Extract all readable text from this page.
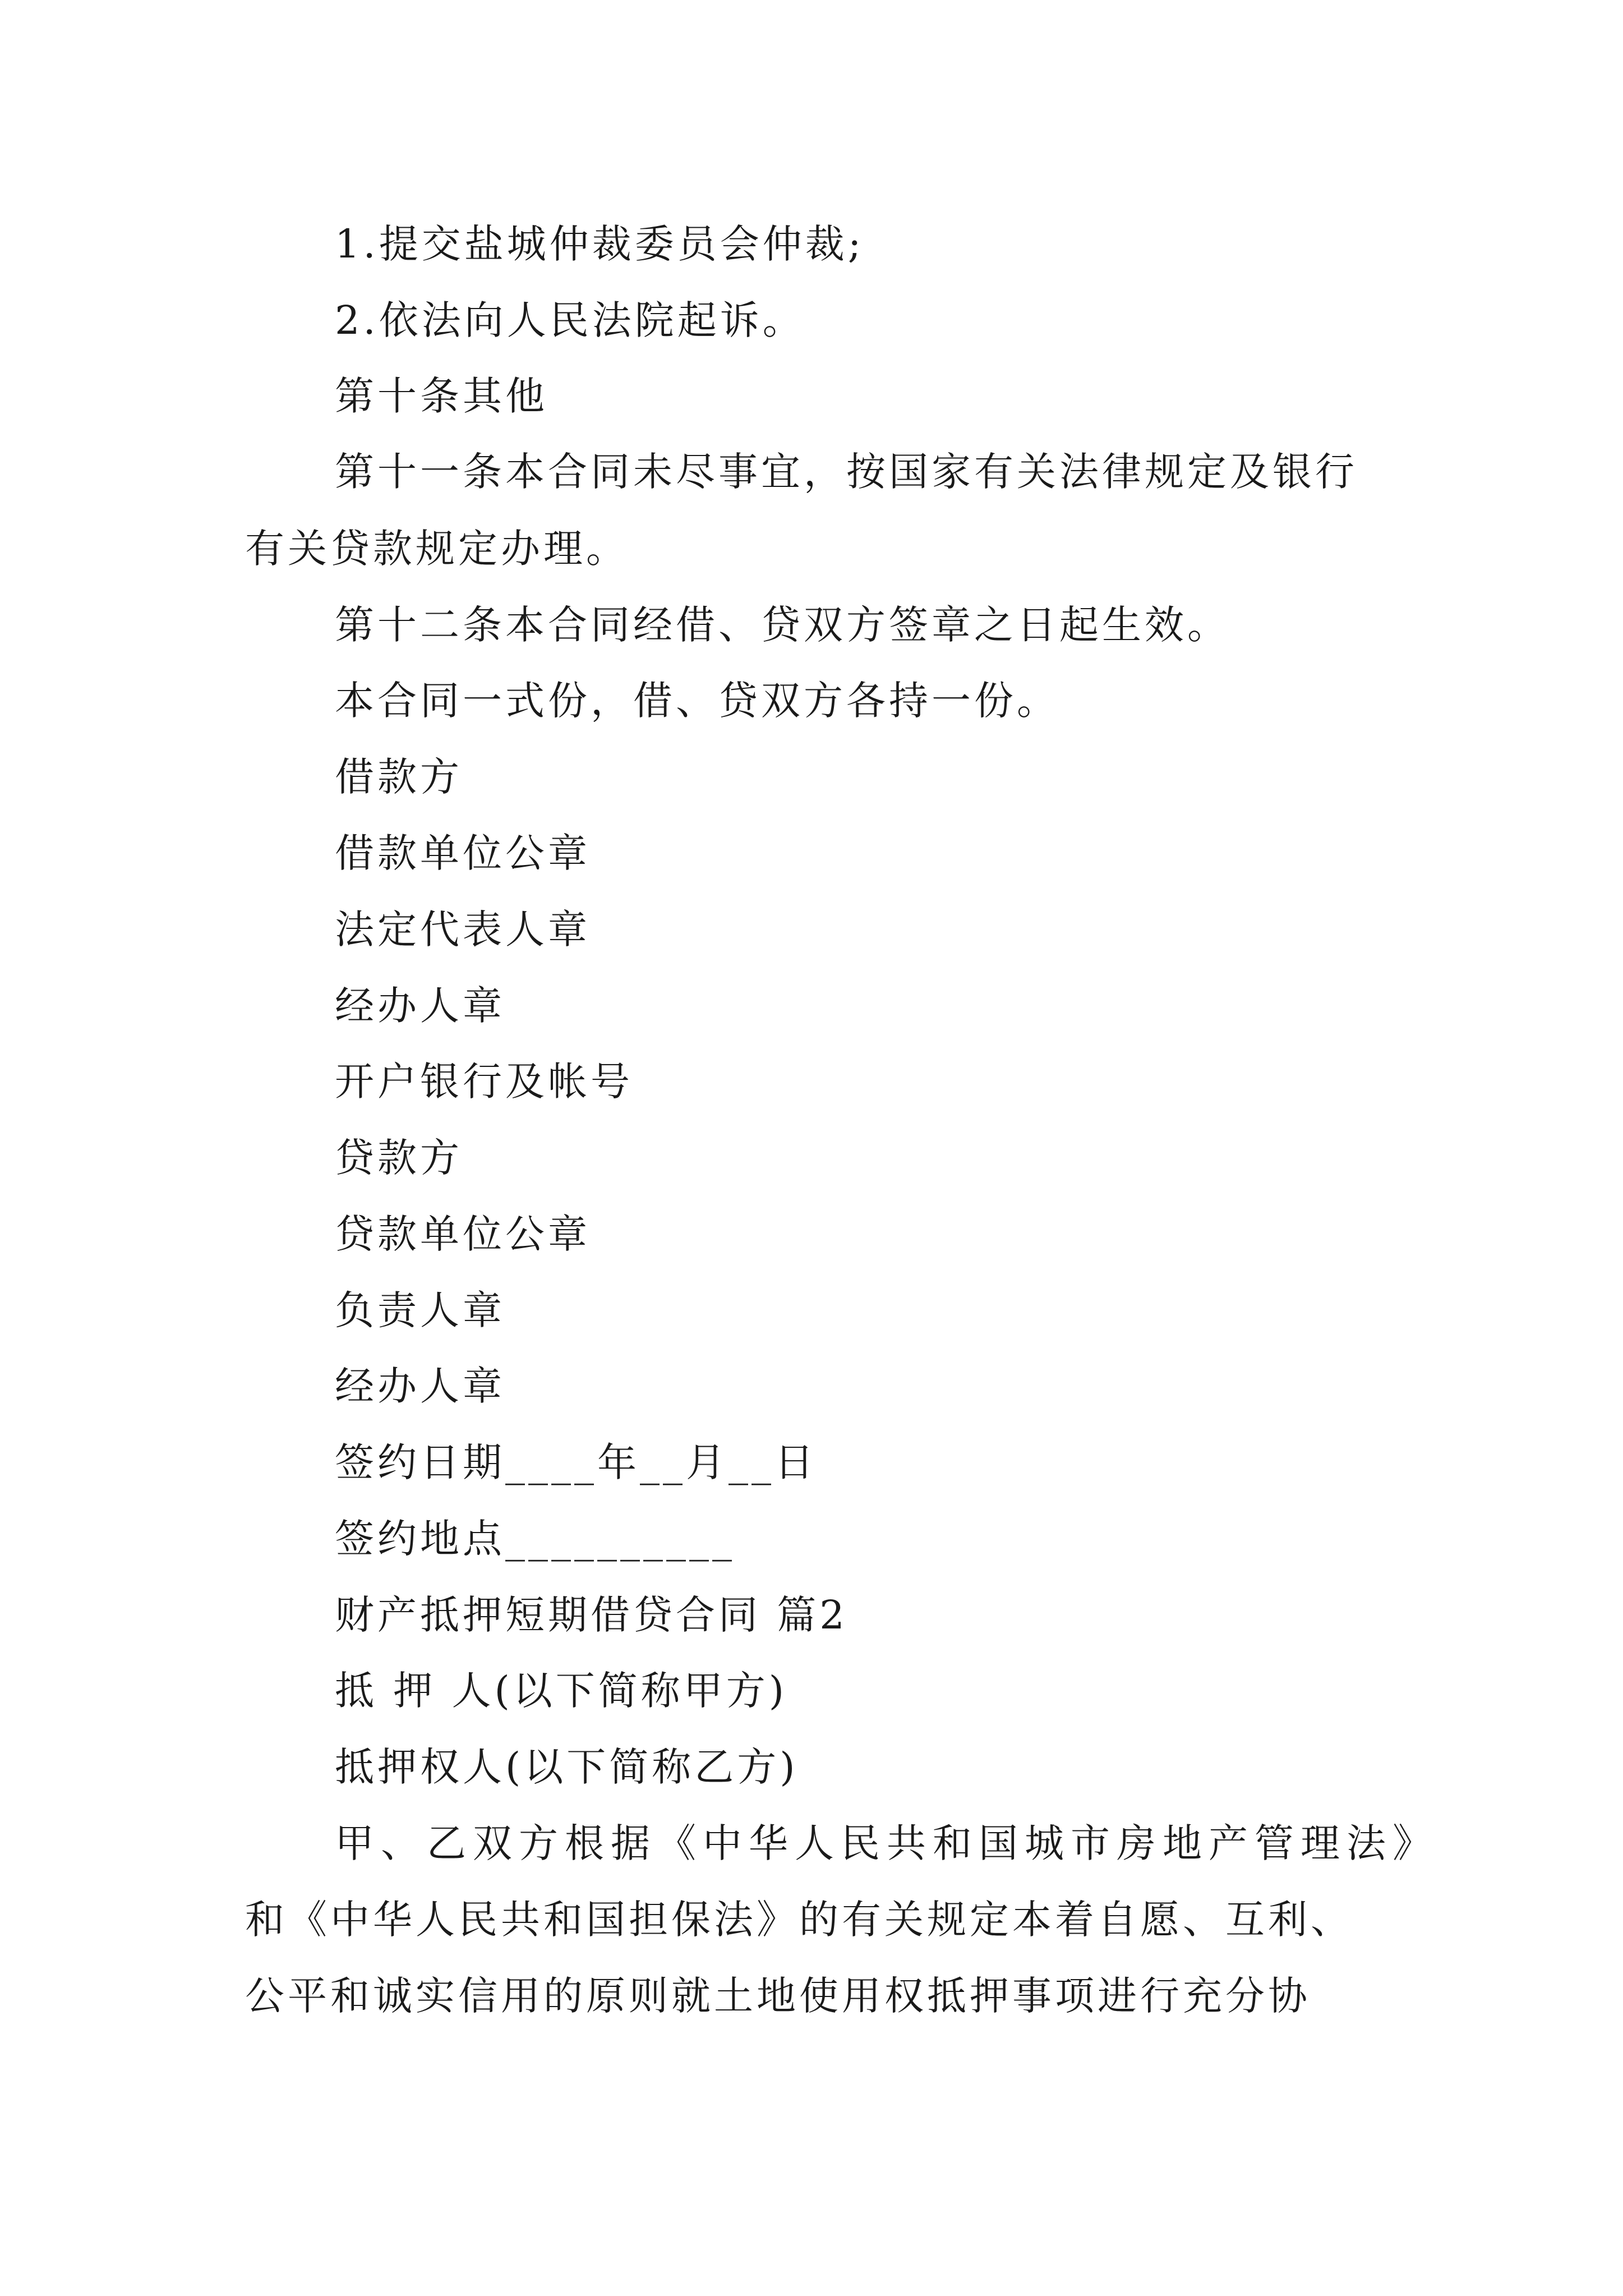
1.提交盐城仲裁委员会仲裁;

2.依法向人民法院起诉。

第十条其他

第十一条本合同未尽事宜，按国家有关法律规定及银行

有关贷款规定办理。

第十二条本合同经借、贷双方签章之日起生效。

本合同一式份，借、贷双方各持一份。

借款方

借款单位公章

法定代表人章

经办人章

开户银行及帐号

贷款方

贷款单位公章

负责人章

经办人章

签约日期____年__月__日

签约地点__________

财产抵押短期借贷合同 篇2

抵 押 人(以下简称甲方)

抵押权人(以下简称乙方)

甲、乙双方根据《中华人民共和国城市房地产管理法》

和《中华人民共和国担保法》的有关规定本着自愿、互利、

公平和诚实信用的原则就土地使用权抵押事项进行充分协
